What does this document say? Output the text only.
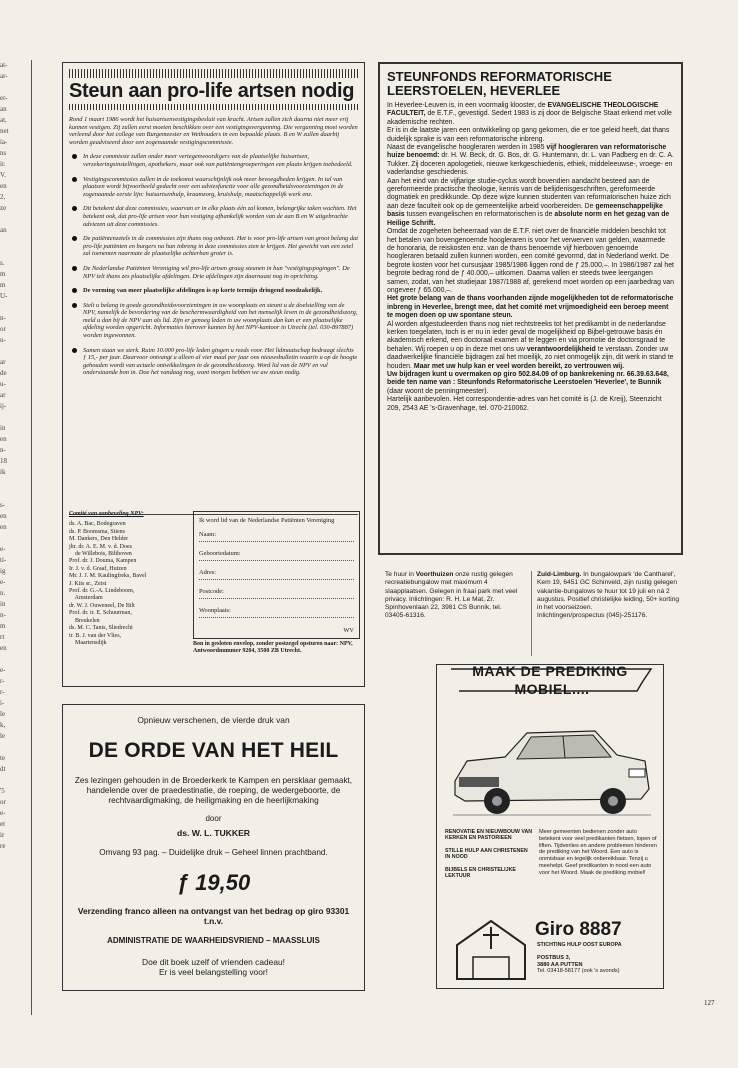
at-
ar-
er-
an
at,
net
ia-
ns
ir.
V.
en
2,
ze
an
s.
m
m
U-
n-
or
u-
ar
de
u-
ar
ij-
in
en
n-
18
ik
s-
en
en
e-
ti-
ig
e-
n.
in
n-
m
rt
en
e-
r-
r-
i-
le
k,
le
te
dt
'5
or
e-
et
ir
re
Steun aan pro-life artsen nodig

Rond 1 maart 1986 wordt het huisartsenvestigingsbesluit van kracht. Artsen zullen zich daarna niet meer vrij kunnen vestigen. Zij zullen eerst moeten beschikken over een vestigingsvergunning. Die vergunning moet worden verleend door het college van Burgemeester en Wethouders in een bepaalde plaats. B en W zullen daarbij worden geadviseerd door een zogenaamde vestigingscommissie.

In deze commissie zullen onder meer vertegenwoordigers van de plaatselijke huisartsen, verzekeringsinstellingen, apothekers, maar ook van patiëntengroeperingen een plaats krijgen toebedeeld.
Vestigingscommissies zullen in de toekomst waarschijnlijk ook meer bevoegdheden krijgen. In tal van plaatsen wordt bijvoorbeeld gedacht over een adviesfunctie voor alle gezondheidsvoorzieningen in de zogenaamde eerste lijn: huisartsenhulp, kraamzorg, kruishulp, maatschappelijk werk enz.
Dit betekent dat deze commissies, waarvan er in elke plaats één zal komen, belangrijke taken wachten. Het betekent ook, dat pro-life artsen voor hun vestiging afhankelijk worden van de aan B en W uitgebrachte adviezen uit deze commissies.
De patiëntenzetels in de commissies zijn thans nog onbezet. Het is voor pro-life artsen van groot belang dat pro-life patiënten en burgers na hun inbreng in deze commissies zien te krijgen. Het gewicht van een zetel zal toenemen naarmate de plaatselijke achterban groter is.
De Nederlandse Patiënten Vereniging wil pro-life artsen graag steunen in hun "vestigingspogingen". De NPV telt thans zes plaatselijke afdelingen. Drie afdelingen zijn daarnaast nog in oprichting.
De vorming van meer plaatselijke afdelingen is op korte termijn dringend noodzakelijk.
Stelt u belang in goede gezondheidsvoorzieningen in uw woonplaats en steunt u de doelstelling van de NPV, namelijk de bevordering van de beschermwaardigheid van het menselijk leven in de gezondheidszorg, meld u dan bij de NPV aan als lid. Zijn er genoeg leden in uw woonplaats dan kan er een plaatselijke afdeling worden opgericht. Informaties hierover kunnen bij het NPV-kantoor in Utrecht (tel. 030-897887) worden ingewonnen.
Samen staan we sterk. Ruim 10.000 pro-life leden gingen u reeds voor. Het lidmaatschap bedraagt slechts ƒ 15,- per jaar. Daarvoor ontvangt u alleen al vier maal per jaar ons nieuwsbulletin waarin u op de hoogte gehouden wordt van actuele ontwikkelingen in de gezondheidszorg. Word lid van de NPV en vul onderstaande bon in. Doe het vandaag nog, want morgen hebben we uw steun nodig.
Comité van aanbeveling NPV:
ds. A. Bac, Bodegraven
ds. P. Boomsma, Stiens
M. Dankers, Den Helder
jhr. dr. A. E. M. v. d. Does
de Willebois, Bilthoven
Prof. dr. J. Douma, Kampen
Ir. J. v. d. Graaf, Huizen
Mr. J. J. M. Kaulingfreks, Bavel
J. Kits sr., Zeist
Prof. dr. G.-A. Lindeboom,
Amsterdam
dr. W. J. Ouweneel, De Bilt
Prof. dr. ir. E. Schuurman,
Breukelen
ds. M. C. Tanis, Sliedrecht
ir. B. J. van der Vlies,
Maartensdijk
Ik word lid van de Nederlandse Patiënten Vereniging
Naam:
Geboortedatum:
Adres:
Postcode:
Woonplaats:
WV
Bon in gesloten envelop, zonder postzegel opsturen naar: NPV, Antwoordnummer 9204, 3500 ZB Utrecht.
Opnieuw verschenen, de vierde druk van
DE ORDE VAN HET HEIL
Zes lezingen gehouden in de Broederkerk te Kampen en persklaar gemaakt, handelende over de praedestinatie, de roeping, de wedergeboorte, de rechtvaardigmaking, de heiligmaking en de heerlijkmaking
door
ds. W. L. TUKKER
Omvang 93 pag. – Duidelijke druk – Geheel linnen prachtband.
ƒ 19,50
Verzending franco alleen na ontvangst van het bedrag op giro 93301 t.n.v.
ADMINISTRATIE DE WAARHEIDSVRIEND – MAASSLUIS
Doe dit boek uzelf of vrienden cadeau!
Er is veel belangstelling voor!
STEUNFONDS REFORMATORISCHE
LEERSTOELEN, HEVERLEE

In Heverlee-Leuven is, in een voormalig klooster, de EVANGELISCHE THEOLOGISCHE FACULTEIT, de E.T.F., gevestigd. Sedert 1983 is zij door de Belgische Staat erkend met volle akademische rechten.

Er is in de laatste jaren een ontwikkeling op gang gekomen, die er toe geleid heeft, dat thans duidelijk sprake is van een reformatorische inbreng.

Naast de evangelische hoogleraren werden in 1985 vijf hoogleraren van reformatorische huize benoemd: dr. H. W. Beck, dr. G. Bos, dr. G. Huntemann, dr. L. van Padberg en dr. C. A. Tukker. Zij doceren apologetiek, nieuwe kerkgeschiedenis, ethiek, middeleeuwse-, vroege- en vaderlandse geschiedenis.

Aan het eind van de vijfjarige studie-cyclus wordt bovendien aandacht besteed aan de gereformeerde practische theologie, kennis van de belijdenisgeschriften, gereformeerde dogmatiek en predikkunde. Op deze wijze kunnen studenten van reformatorischen huize zich aan deze faculteit ook op de gemeentelijke arbeid voorbereiden. De gemeenschappelijke basis tussen evangelischen en reformatorischen is de absolute norm en het gezag van de Heilige Schrift.

Omdat de zogeheten beheerraad van de E.T.F. niet over de financiële middelen beschikt tot het betalen van bovengenoemde hoogleraren is voor het verwerven van gelden, waarmede de honoraria, de reiskosten enz. van de thans benoemde vijf hierboven genoemde hoogleraren betaald zullen kunnen worden, een comité gevormd, dat in Nederland werkt. De begrote kosten voor het cursusjaar 1985/1986 liggen rond de ƒ 25.000,–. In 1986/1987 zal het begrote bedrag rond de ƒ 40.000,– uitkomen. Daarna vallen er steeds twee leergangen samen, zodat, van het studiejaar 1987/1988 af, gerekend moet worden op een jaarbedrag van ongeveer ƒ 65.000,–.

Het grote belang van de thans voorhanden zijnde mogelijkheden tot de reformatorische inbreng in Heverlee, brengt mee, dat het comité met vrijmoedigheid een beroep meent te mogen doen op uw spontane steun.

Al worden afgestudeerden thans nog niet rechtstreeks tot het predikambt in de nederlandse kerken toegelaten, toch is er nu in ieder geval de mogelijkheid op Bijbel-getrouwe basis én akademisch erkend, een doctoraal examen af te leggen en via promotie de doctorsgraad te behalen. Wij roepen u op in deze met ons uw verantwoordelijkheid te verstaan. Zonder uw daadwerkelijke financiële bijdragen zal het moeilijk, zo niet onmogelijk zijn, dit werk in stand te houden. Maar met uw hulp kan er veel worden bereikt, zo vertrouwen wij.

Uw bijdragen kunt u overmaken op giro 502.84.09 of op bankrekening nr. 66.39.63.648, beide ten name van : Steunfonds Reformatorische Leerstoelen 'Heverlee', te Bunnik (daar woont de penningmeester).

Hartelijk aanbevolen. Het correspondentie-adres van het comité is (J. de Kreij), Steenzicht 209, 2543 AE 's-Gravenhage, tel. 070-210062.

Te huur in Voorthuizen onze rustig gelegen recreatiebungalow met maximum 4 slaapplaatsen. Gelegen in fraai park met veel privacy. Inlichtingen: R. H. Le Mat, Zr. Spinhovenlaan 22, 3981 CS Bunnik, tel. 03405-61316.
Zuid-Limburg. In bungalowpark 'de Cantharel', Kem 19, 6451 GC Schinveld, zijn rustig gelegen vakantie-bungalows te huur tot 19 juli en ná 2 augustus. Positief christelijke leiding, 50+ korting in het voorseizoen.
Inlichtingen/prospectus (045)-251176.
MAAK DE PREDIKING
MOBIEL....
RENOVATIE EN NIEUWBOUW VAN KERKEN EN PASTORIEEN
STILLE HULP AAN CHRISTENEN IN NOOD
BIJBELS EN CHRISTELIJKE LEKTUUR
Meer gemeenten bedienen zonder auto betekent voor veel predikanten fietsen, lopen of liften. Tijdverlies en andere problemen hinderen de prediking van het Woord. Een auto is onmisbaar en tegelijk onbereikbaar. Tenzij u meehelpt. Geef predikanten in nood een auto voor het Woord. Maak de prediking mobiel!
Giro 8887
STICHTING HULP OOST EUROPA
POSTBUS 3,
3880 AA PUTTEN
Tel. 03418-58177 (ook 's avonds)
127
